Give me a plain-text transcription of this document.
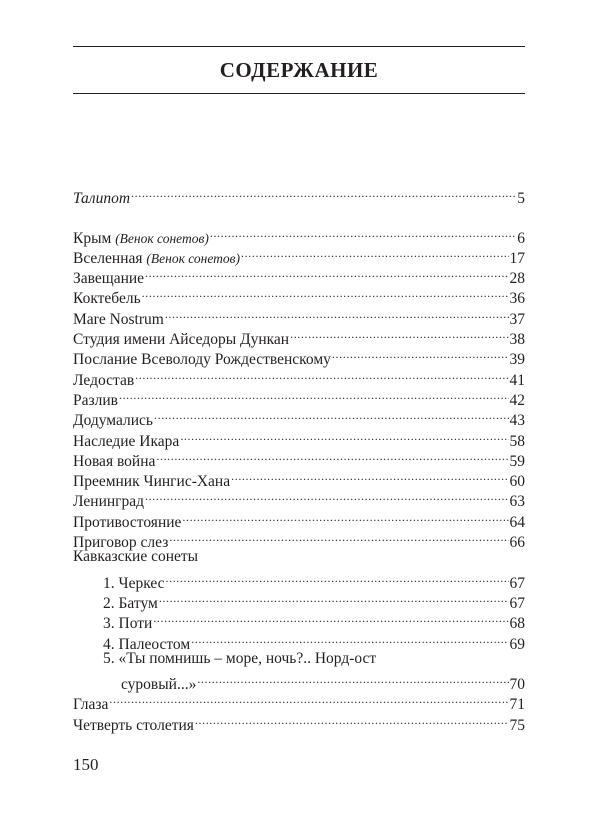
СОДЕРЖАНИЕ
Талипот .....	5
Крым (Венок сонетов) .....	6
Вселенная (Венок сонетов) .....	17
Завещание .....	28
Коктебель .....	36
Mare Nostrum .....	37
Студия имени Айседоры Дункан .....	38
Послание Всеволоду Рождественскому .....	39
Ледостав .....	41
Разлив .....	42
Додумались .....	43
Наследие Икара .....	58
Новая война .....	59
Преемник Чингис-Хана .....	60
Ленинград .....	63
Противостояние .....	64
Приговор слез .....	66
Кавказские сонеты
1. Черкес .....	67
2. Батум .....	67
3. Поти .....	68
4. Палеостом .....	69
5. «Ты помнишь – море, ночь?.. Норд-ост
суровый...» .....	70
Глаза .....	71
Четверть столетия .....	75
150
